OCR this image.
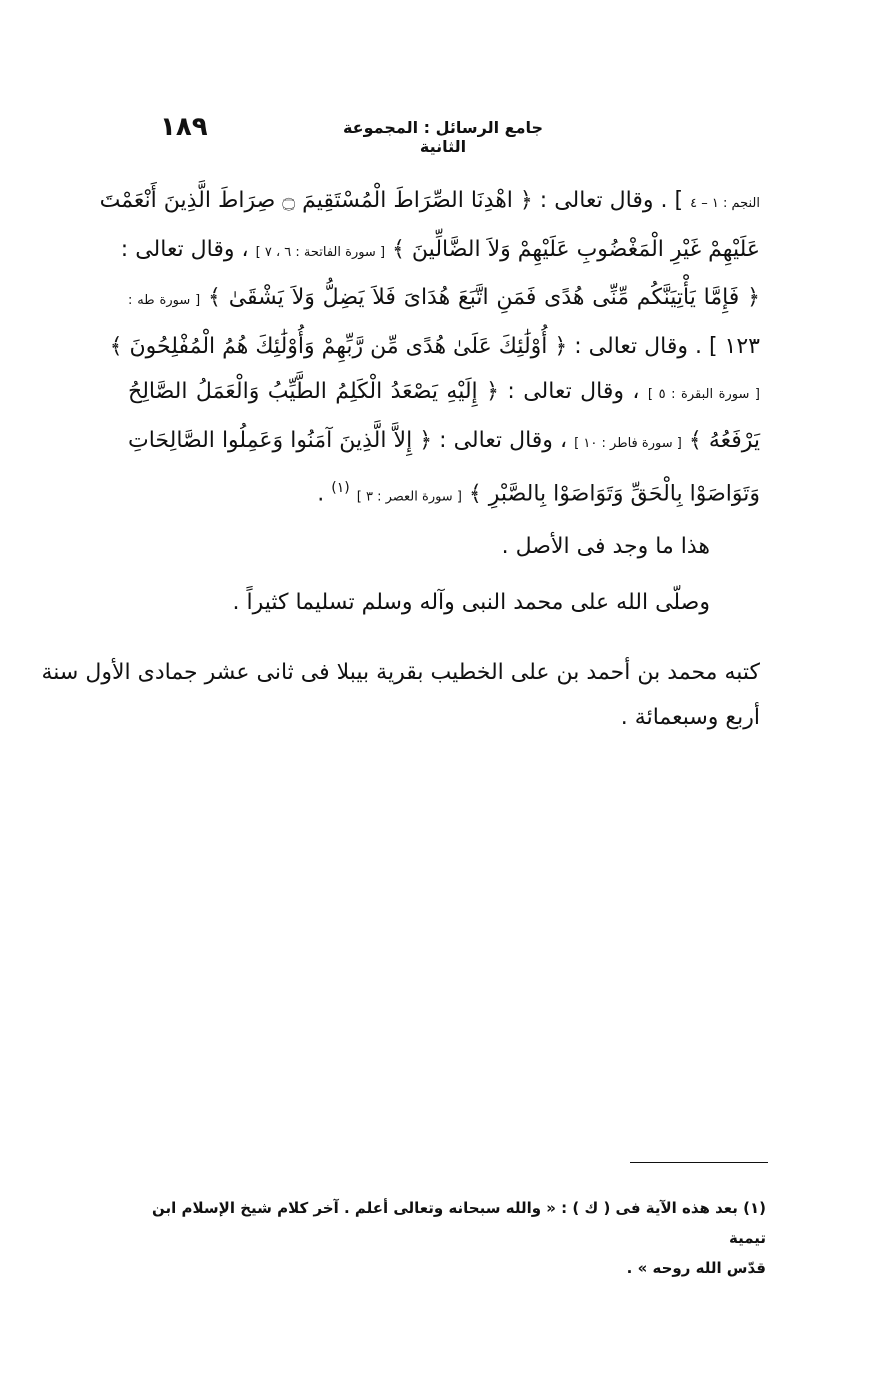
١٨٩	جامع الرسائل : المجموعة الثانية
النجم : ١ – ٤ ] . وقال تعالى : ﴿ اهْدِنَا الصِّرَاطَ الْمُسْتَقِيمَ ۝ صِرَاطَ الَّذِينَ أَنْعَمْتَ
عَلَيْهِمْ غَيْرِ الْمَغْضُوبِ عَلَيْهِمْ وَلاَ الضَّالِّينَ ﴾ [ سورة الفاتحة : ٦ ، ٧ ] ، وقال تعالى :
﴿ فَإِمَّا يَأْتِيَنَّكُم مِّنِّى هُدًى فَمَنِ اتَّبَعَ هُدَاىَ فَلاَ يَضِلُّ وَلاَ يَشْقَىٰ ﴾ [ سورة طه :
١٢٣ ] . وقال تعالى : ﴿ أُوْلَٰئِكَ عَلَىٰ هُدًى مِّن رَّبِّهِمْ وَأُوْلَٰئِكَ هُمُ الْمُفْلِحُونَ ﴾
[ سورة البقرة : ٥ ] ، وقال تعالى : ﴿ إِلَيْهِ يَصْعَدُ الْكَلِمُ الطَّيِّبُ وَالْعَمَلُ الصَّالِحُ
يَرْفَعُهُ ﴾ [ سورة فاطر : ١٠ ] ، وقال تعالى : ﴿ إِلاَّ الَّذِينَ آمَنُوا وَعَمِلُوا الصَّالِحَاتِ
وَتَوَاصَوْا بِالْحَقِّ وَتَوَاصَوْا بِالصَّبْرِ ﴾ [ سورة العصر : ٣ ] $^{(١)}$ .
هذا ما وجد فى الأصل .
وصلّى الله على محمد النبى وآله وسلم تسليما كثيراً .
كتبه محمد بن أحمد بن على الخطيب بقرية بيبلا فى ثانى عشر جمادى الأول سنة
أربع وسبعمائة .
(١) بعد هذه الآية فى ( ك ) : « والله سبحانه وتعالى أعلم . آخر كلام شيخ الإسلام ابن تيمية
قدّس الله روحه » .
